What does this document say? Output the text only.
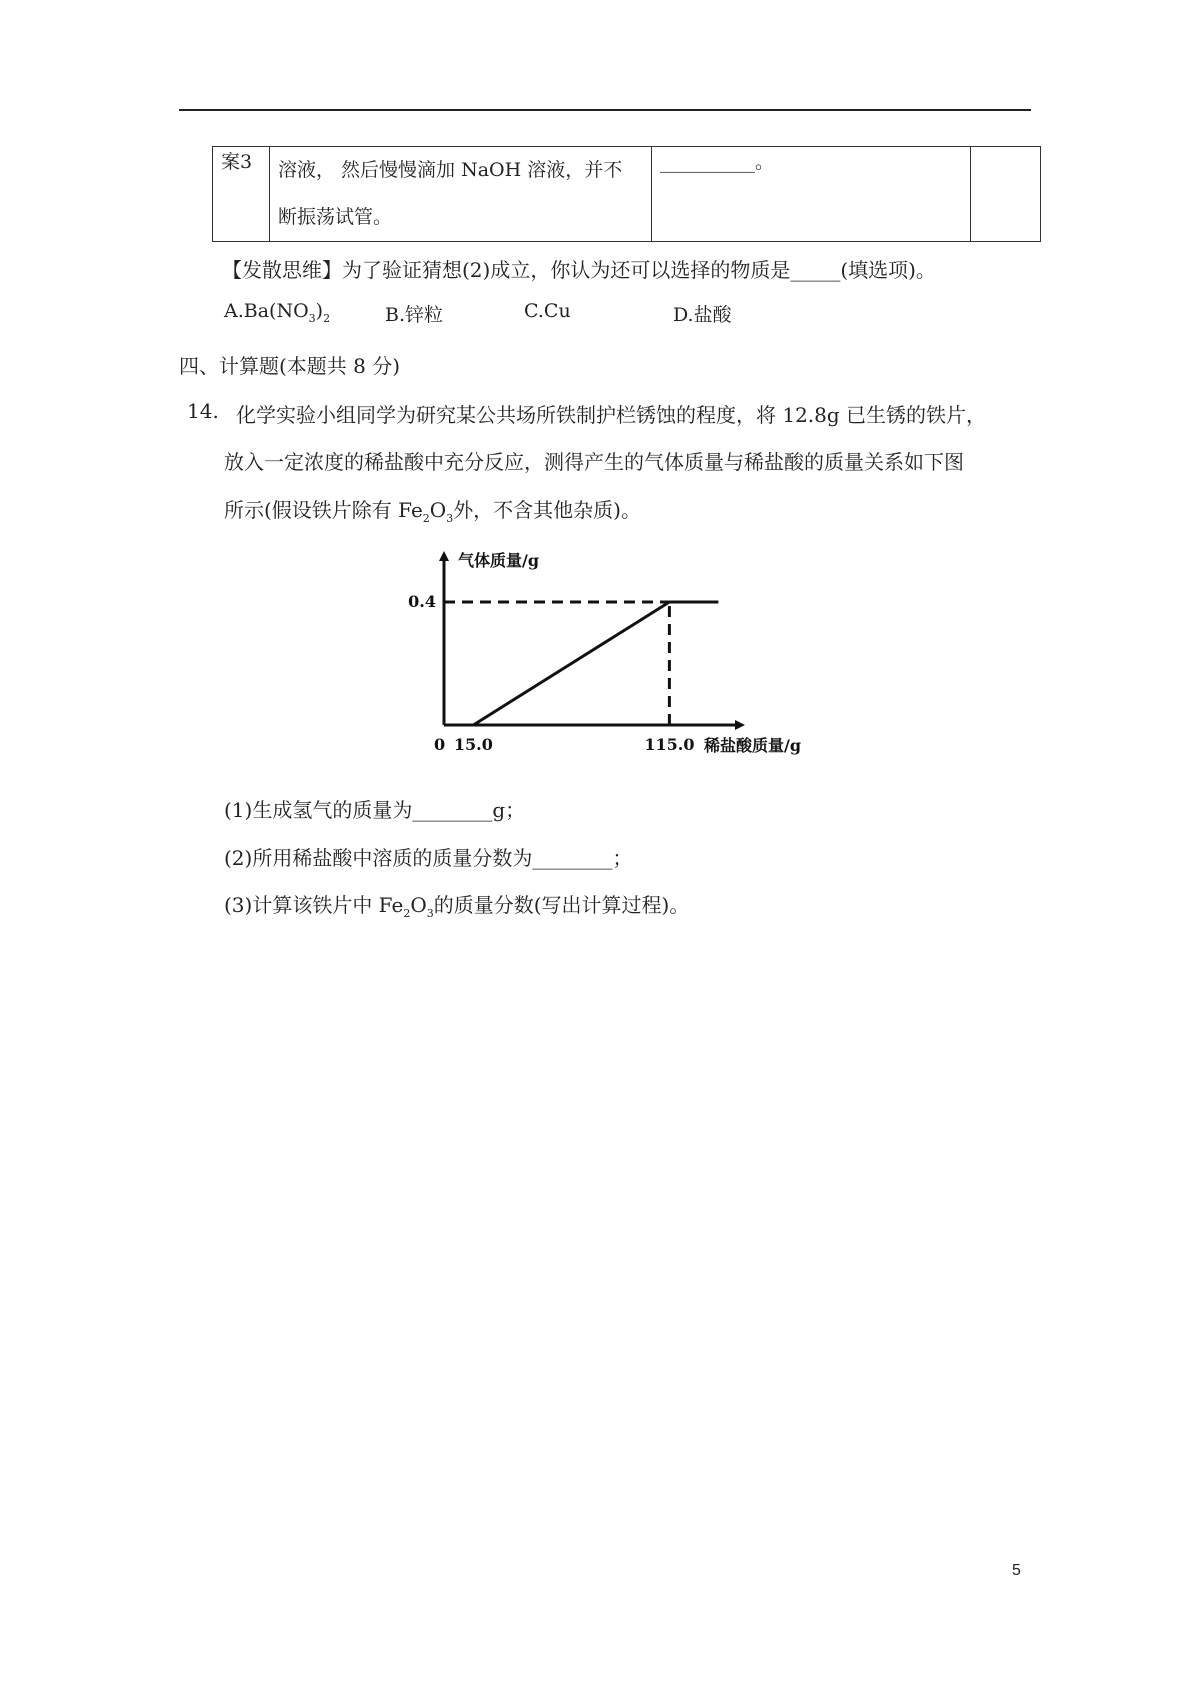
案3	溶液， 然后慢慢滴加 NaOH 溶液，并不
断振荡试管。
	__________。	
【发散思维】为了验证猜想(2)成立，你认为还可以选择的物质是_____(填选项)。
$A.Ba(NO_3)_2$	B.锌粒	C.Cu	D.盐酸
四、计算题(本题共 8 分)
14. 化学实验小组同学为研究某公共场所铁制护栏锈蚀的程度，将 12.8g 已生锈的铁片，
放入一定浓度的稀盐酸中充分反应，测得产生的气体质量与稀盐酸的质量关系如下图
所示(假设铁片除有 $Fe_2O_3$外，不含其他杂质)。
气体质量/g
稀盐酸质量/g
0 15.0	115.0
0.4
(1)生成氢气的质量为________g；
(2)所用稀盐酸中溶质的质量分数为________；
(3)计算该铁片中 $Fe_2O_3$的质量分数(写出计算过程)。
5
